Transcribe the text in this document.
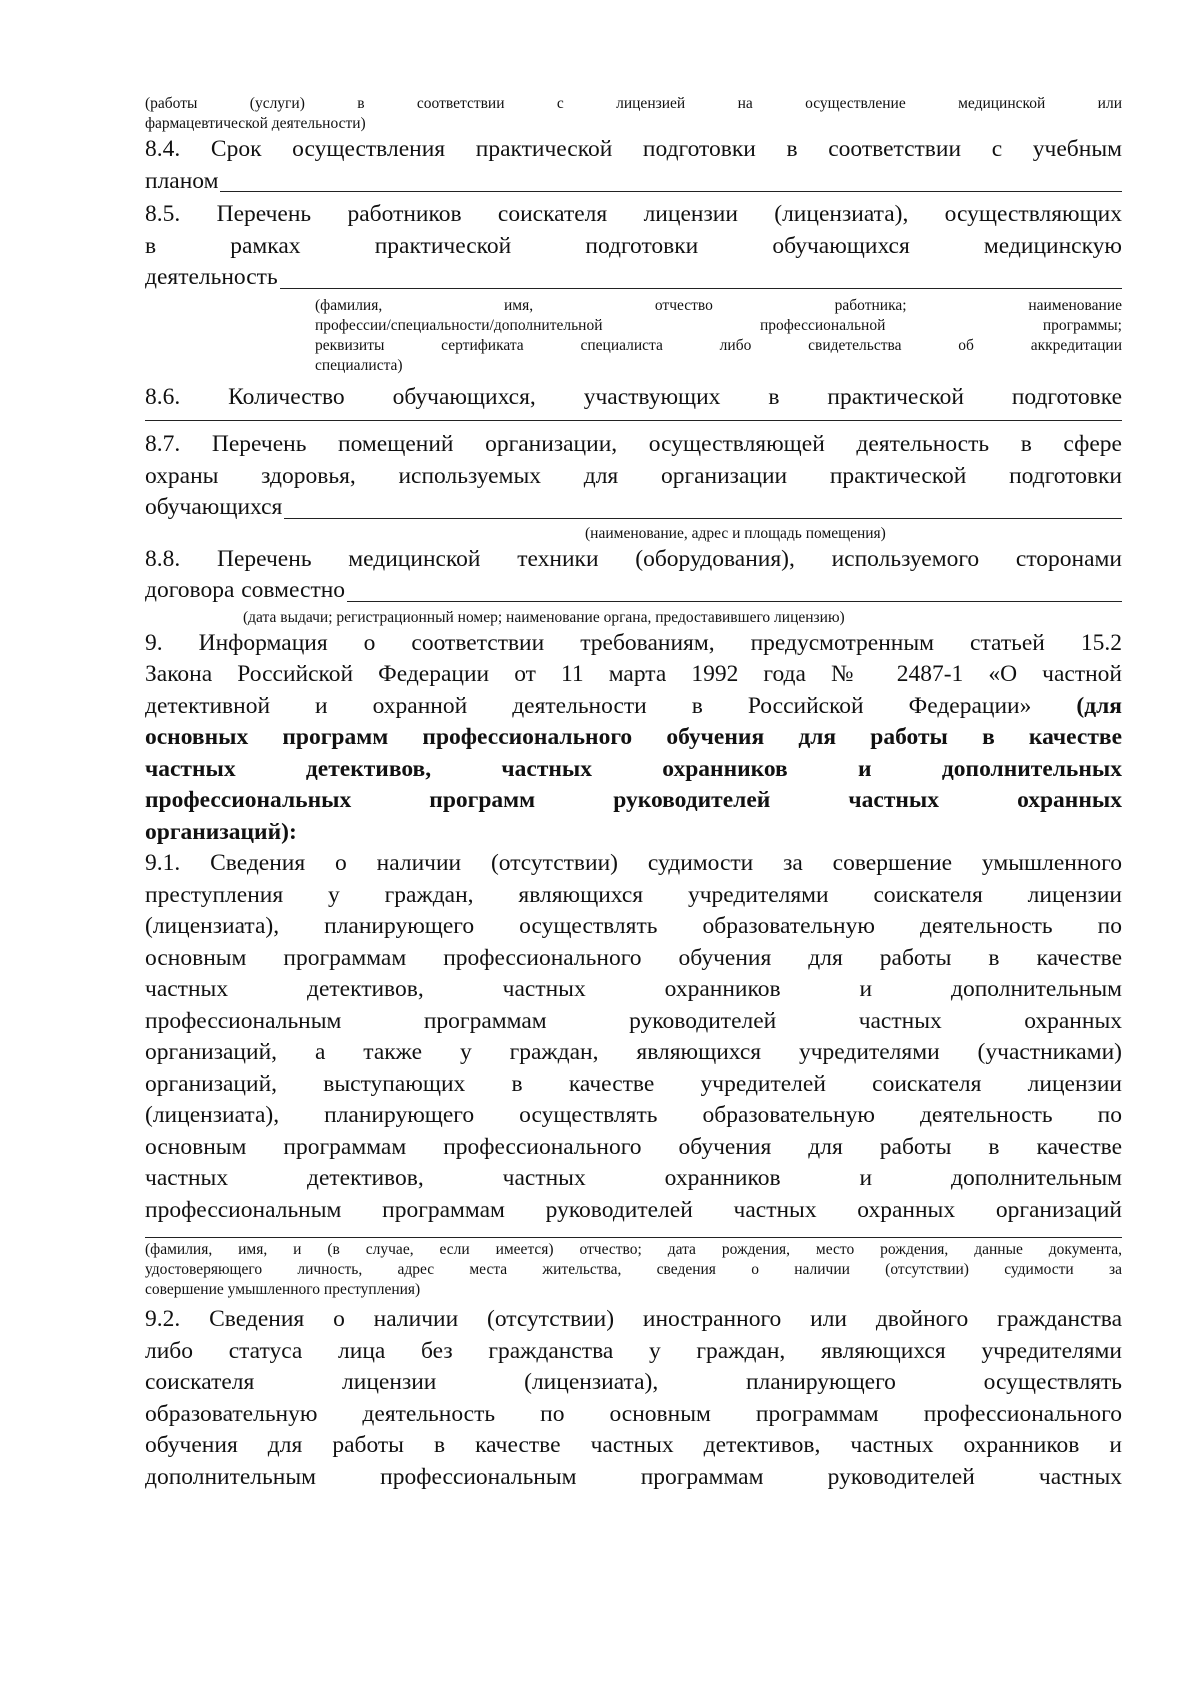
(работы (услуги) в соответствии с лицензией на осуществление медицинской или

фармацевтической деятельности)

8.4. Срок осуществления практической подготовки в соответствии с учебным

планом

8.5. Перечень работников соискателя лицензии (лицензиата), осуществляющих

в рамках практической подготовки обучающихся медицинскую

деятельность

(фамилия, имя, отчество работника; наименование

профессии/специальности/дополнительной профессиональной программы;

реквизиты сертификата специалиста либо свидетельства об аккредитации

специалиста)

8.6. Количество обучающихся, участвующих в практической подготовке

8.7. Перечень помещений организации, осуществляющей деятельность в сфере

охраны здоровья, используемых для организации практической подготовки

обучающихся

(наименование, адрес и площадь помещения)

8.8. Перечень медицинской техники (оборудования), используемого сторонами

договора совместно

(дата выдачи; регистрационный номер; наименование органа, предоставившего лицензию)

9. Информация о соответствии требованиям, предусмотренным статьей 15.2

Закона Российской Федерации от 11 марта 1992 года № 2487-1 «О частной

детективной и охранной деятельности в Российской Федерации» (для

основных программ профессионального обучения для работы в качестве

частных детективов, частных охранников и дополнительных

профессиональных программ руководителей частных охранных

организаций):

9.1. Сведения о наличии (отсутствии) судимости за совершение умышленного

преступления у граждан, являющихся учредителями соискателя лицензии

(лицензиата), планирующего осуществлять образовательную деятельность по

основным программам профессионального обучения для работы в качестве

частных детективов, частных охранников и дополнительным

профессиональным программам руководителей частных охранных

организаций, а также у граждан, являющихся учредителями (участниками)

организаций, выступающих в качестве учредителей соискателя лицензии

(лицензиата), планирующего осуществлять образовательную деятельность по

основным программам профессионального обучения для работы в качестве

частных детективов, частных охранников и дополнительным

профессиональным программам руководителей частных охранных организаций

(фамилия, имя, и (в случае, если имеется) отчество; дата рождения, место рождения, данные документа,

удостоверяющего личность, адрес места жительства, сведения о наличии (отсутствии) судимости за

совершение умышленного преступления)

9.2. Сведения о наличии (отсутствии) иностранного или двойного гражданства

либо статуса лица без гражданства у граждан, являющихся учредителями

соискателя лицензии (лицензиата), планирующего осуществлять

образовательную деятельность по основным программам профессионального

обучения для работы в качестве частных детективов, частных охранников и

дополнительным профессиональным программам руководителей частных
